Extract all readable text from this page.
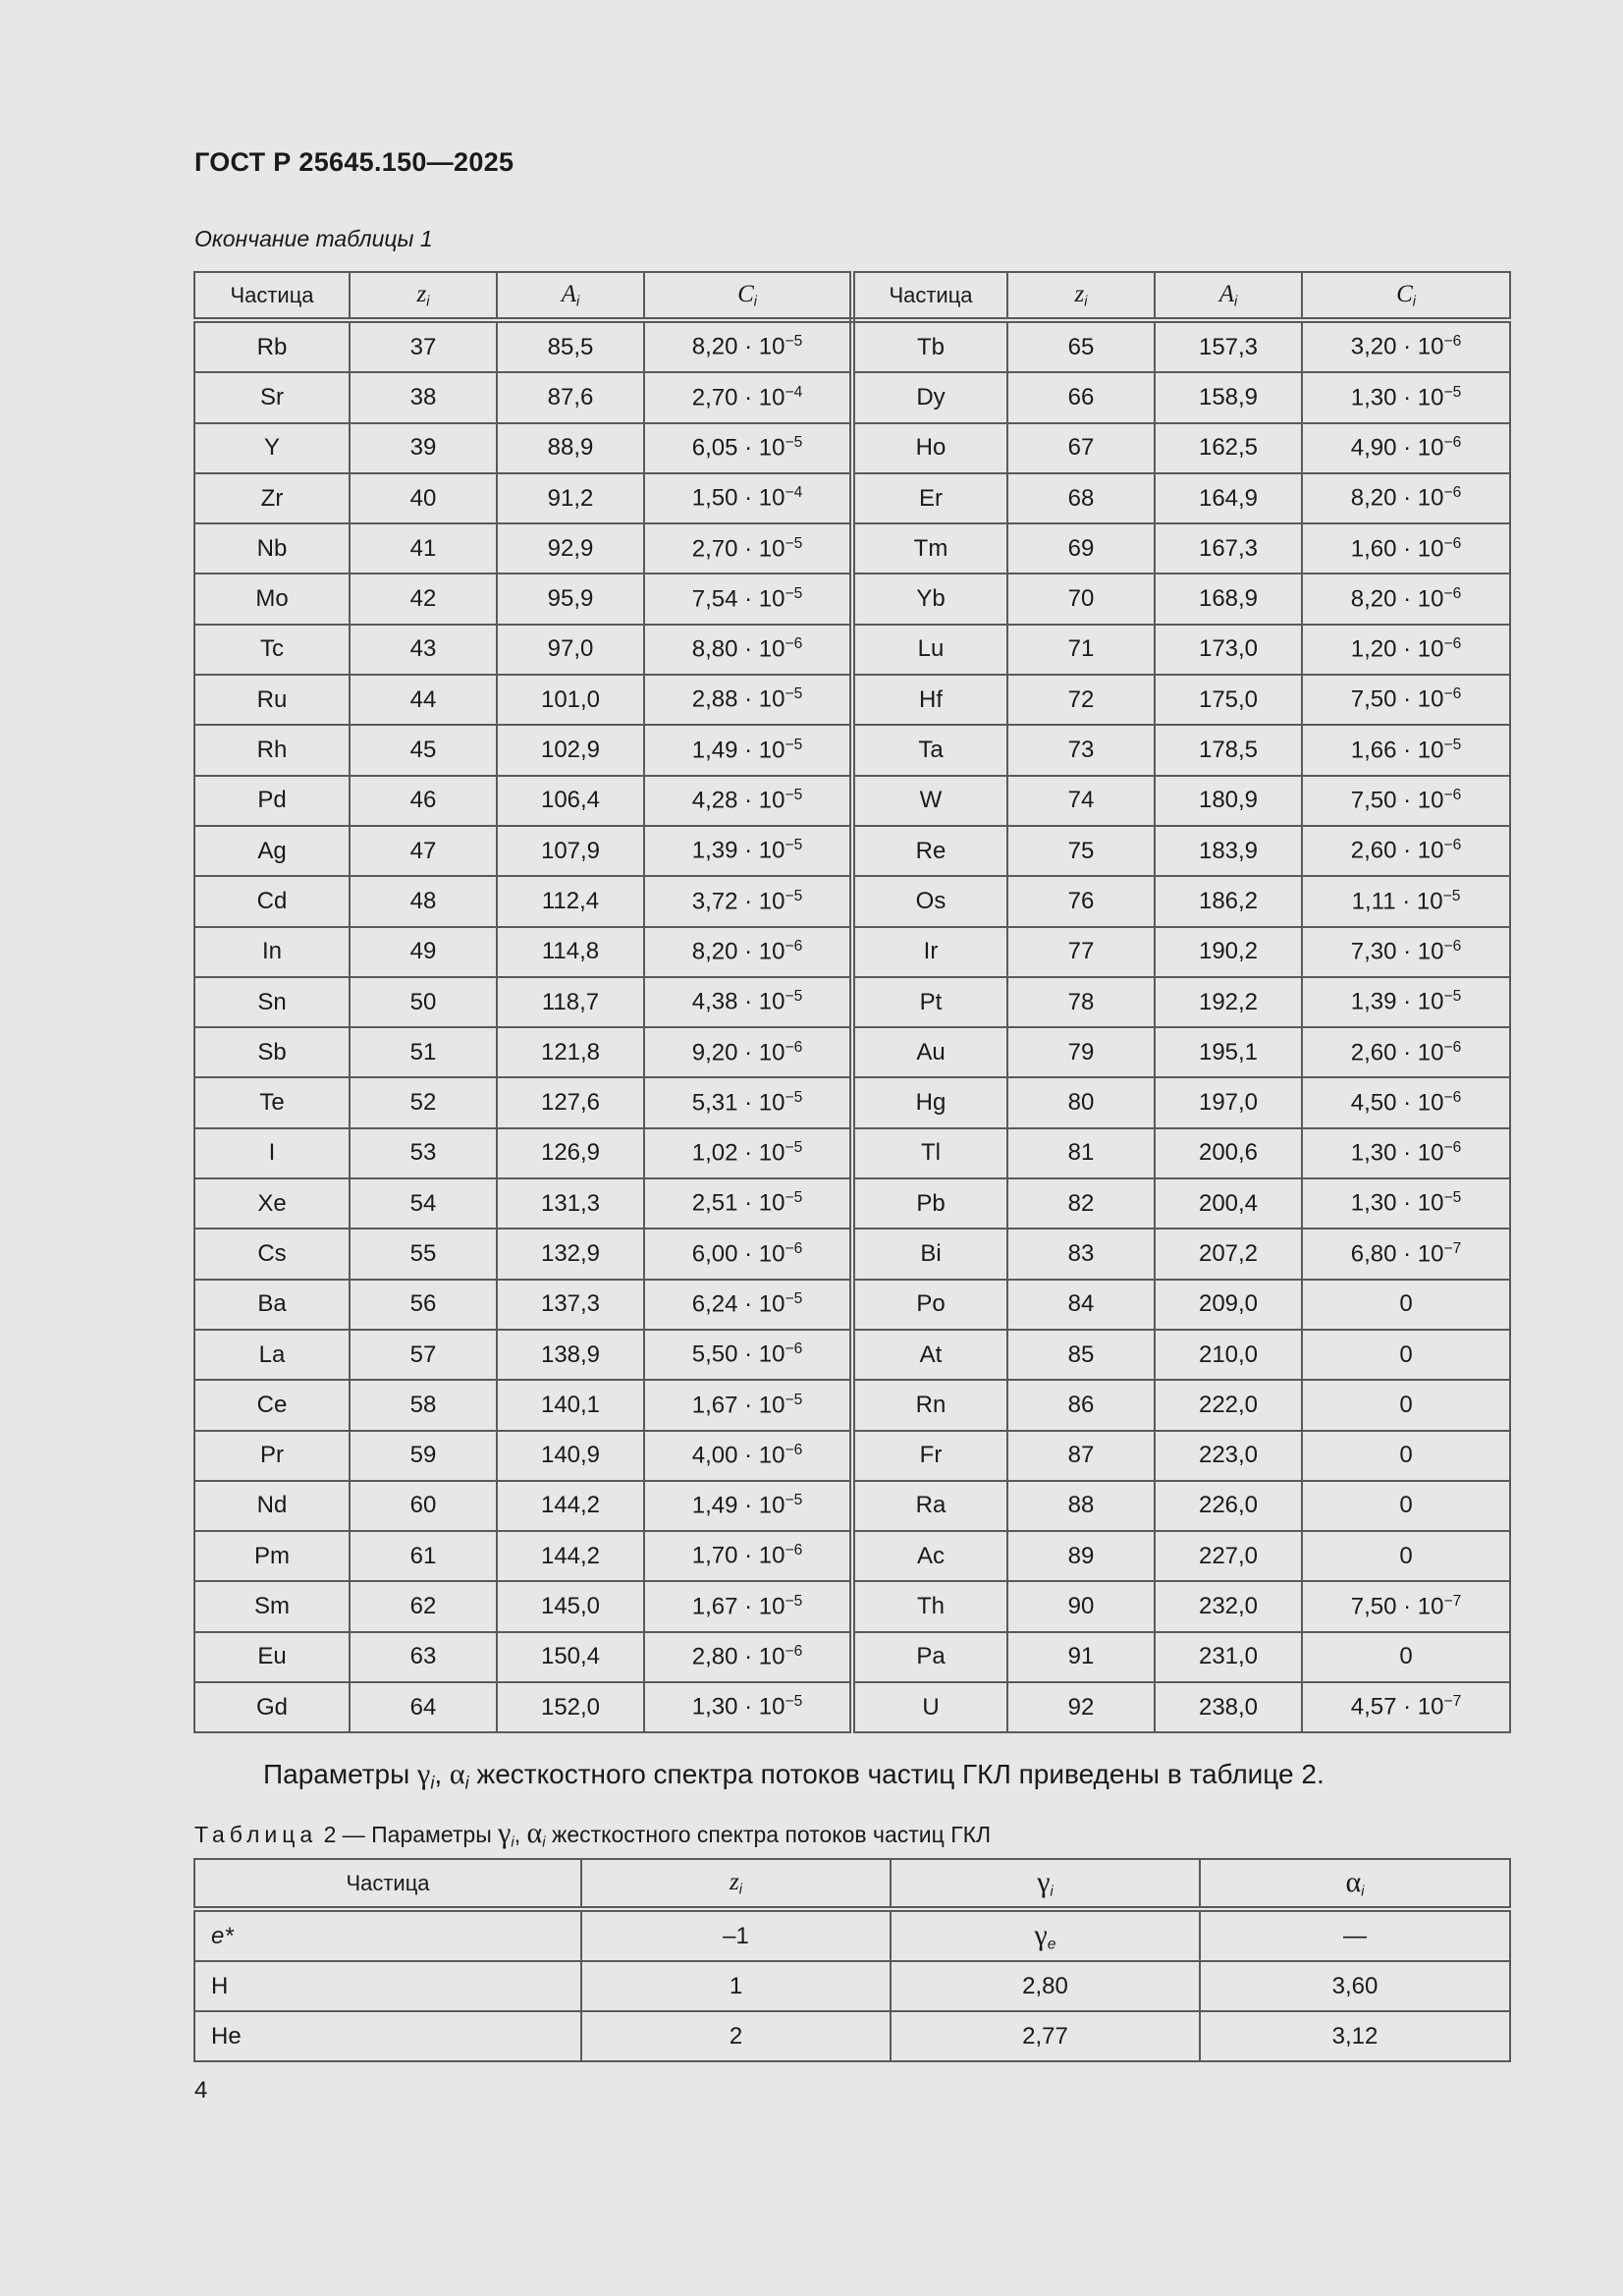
ГОСТ Р 25645.150—2025
Окончание таблицы 1
Частица	$z_i$	$A_i$	$C_i$	Частица	$z_i$	$A_i$	$C_i$
Rb	37	85,5	$8,20 \cdot 10^{-5}$	Tb	65	157,3	$3,20 \cdot 10^{-6}$
Sr	38	87,6	$2,70 \cdot 10^{-4}$	Dy	66	158,9	$1,30 \cdot 10^{-5}$
Y	39	88,9	$6,05 \cdot 10^{-5}$	Ho	67	162,5	$4,90 \cdot 10^{-6}$
Zr	40	91,2	$1,50 \cdot 10^{-4}$	Er	68	164,9	$8,20 \cdot 10^{-6}$
Nb	41	92,9	$2,70 \cdot 10^{-5}$	Tm	69	167,3	$1,60 \cdot 10^{-6}$
Mo	42	95,9	$7,54 \cdot 10^{-5}$	Yb	70	168,9	$8,20 \cdot 10^{-6}$
Tc	43	97,0	$8,80 \cdot 10^{-6}$	Lu	71	173,0	$1,20 \cdot 10^{-6}$
Ru	44	101,0	$2,88 \cdot 10^{-5}$	Hf	72	175,0	$7,50 \cdot 10^{-6}$
Rh	45	102,9	$1,49 \cdot 10^{-5}$	Ta	73	178,5	$1,66 \cdot 10^{-5}$
Pd	46	106,4	$4,28 \cdot 10^{-5}$	W	74	180,9	$7,50 \cdot 10^{-6}$
Ag	47	107,9	$1,39 \cdot 10^{-5}$	Re	75	183,9	$2,60 \cdot 10^{-6}$
Cd	48	112,4	$3,72 \cdot 10^{-5}$	Os	76	186,2	$1,11 \cdot 10^{-5}$
In	49	114,8	$8,20 \cdot 10^{-6}$	Ir	77	190,2	$7,30 \cdot 10^{-6}$
Sn	50	118,7	$4,38 \cdot 10^{-5}$	Pt	78	192,2	$1,39 \cdot 10^{-5}$
Sb	51	121,8	$9,20 \cdot 10^{-6}$	Au	79	195,1	$2,60 \cdot 10^{-6}$
Te	52	127,6	$5,31 \cdot 10^{-5}$	Hg	80	197,0	$4,50 \cdot 10^{-6}$
I	53	126,9	$1,02 \cdot 10^{-5}$	Tl	81	200,6	$1,30 \cdot 10^{-6}$
Xe	54	131,3	$2,51 \cdot 10^{-5}$	Pb	82	200,4	$1,30 \cdot 10^{-5}$
Cs	55	132,9	$6,00 \cdot 10^{-6}$	Bi	83	207,2	$6,80 \cdot 10^{-7}$
Ba	56	137,3	$6,24 \cdot 10^{-5}$	Po	84	209,0	0
La	57	138,9	$5,50 \cdot 10^{-6}$	At	85	210,0	0
Ce	58	140,1	$1,67 \cdot 10^{-5}$	Rn	86	222,0	0
Pr	59	140,9	$4,00 \cdot 10^{-6}$	Fr	87	223,0	0
Nd	60	144,2	$1,49 \cdot 10^{-5}$	Ra	88	226,0	0
Pm	61	144,2	$1,70 \cdot 10^{-6}$	Ac	89	227,0	0
Sm	62	145,0	$1,67 \cdot 10^{-5}$	Th	90	232,0	$7,50 \cdot 10^{-7}$
Eu	63	150,4	$2,80 \cdot 10^{-6}$	Pa	91	231,0	0
Gd	64	152,0	$1,30 \cdot 10^{-5}$	U	92	238,0	$4,57 \cdot 10^{-7}$
Параметры $\gamma_i$, $\alpha_i$ жесткостного спектра потоков частиц ГКЛ приведены в таблице 2.
Таблица 2 — Параметры $\gamma_i$, $\alpha_i$ жесткостного спектра потоков частиц ГКЛ
Частица	$z_i$	$\gamma_i$	$\alpha_i$
e*	–1	$\gamma_e$	—
H	1	2,80	3,60
He	2	2,77	3,12
4
